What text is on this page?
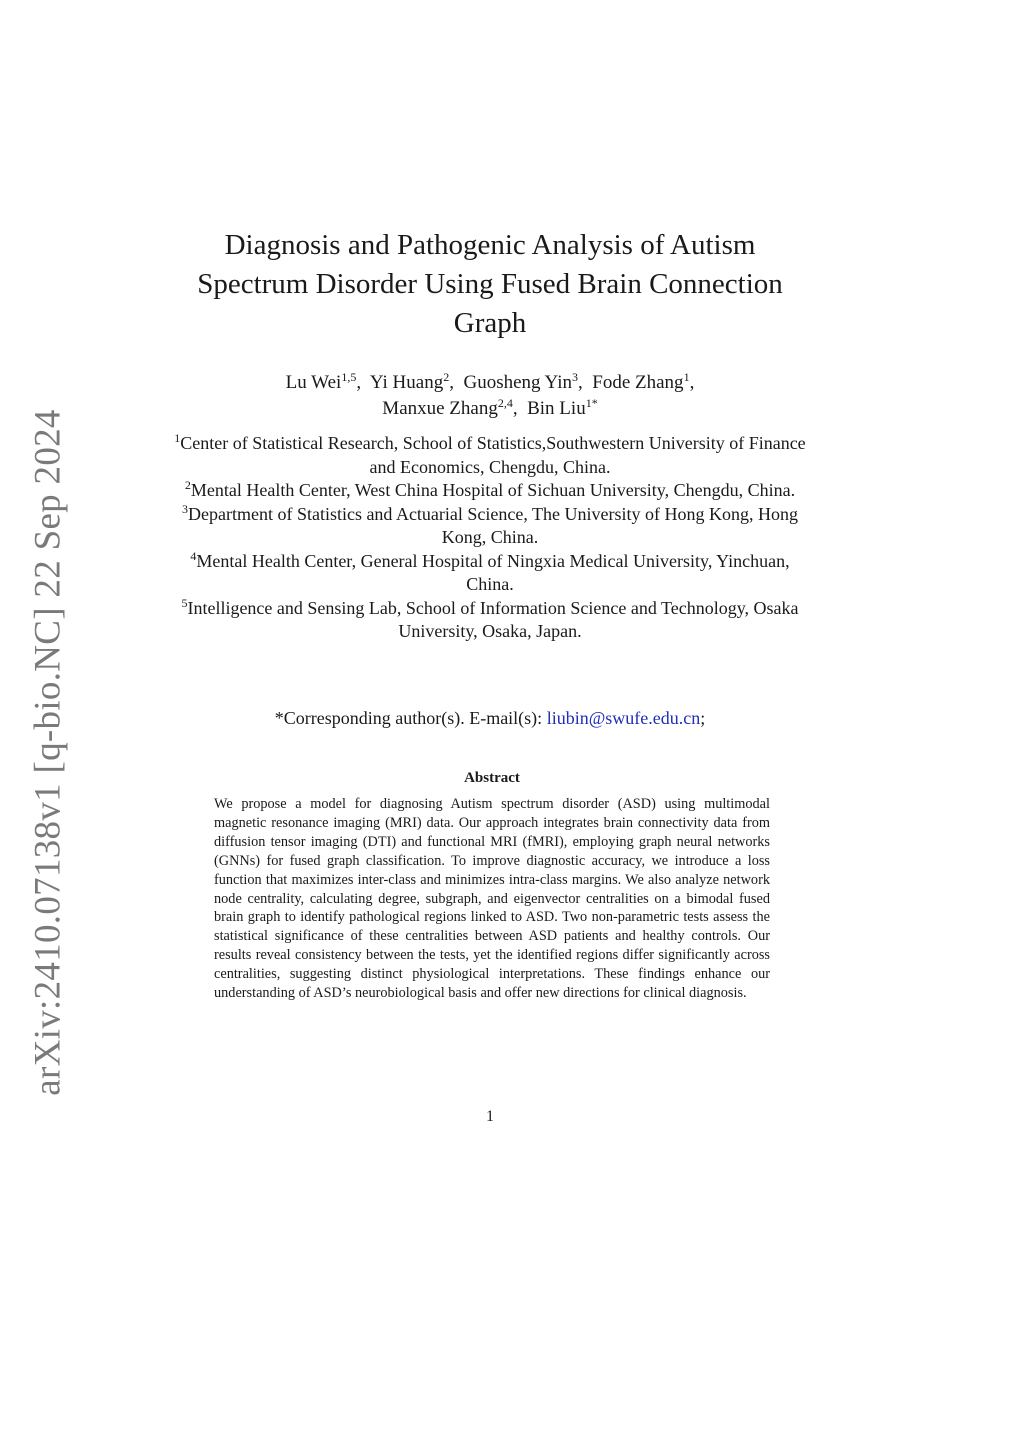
arXiv:2410.07138v1 [q-bio.NC] 22 Sep 2024
Diagnosis and Pathogenic Analysis of Autism Spectrum Disorder Using Fused Brain Connection Graph
Lu Wei$^{1,5}$, Yi Huang$^2$, Guosheng Yin$^3$, Fode Zhang$^1$,
Manxue Zhang$^{2,4}$, Bin Liu$^{1*}$

$^1$Center of Statistical Research, School of Statistics,Southwestern University of Finance and Economics, Chengdu, China.

$^2$Mental Health Center, West China Hospital of Sichuan University, Chengdu, China.

$^3$Department of Statistics and Actuarial Science, The University of Hong Kong, Hong Kong, China.

$^4$Mental Health Center, General Hospital of Ningxia Medical University, Yinchuan, China.

$^5$Intelligence and Sensing Lab, School of Information Science and Technology, Osaka University, Osaka, Japan.

*Corresponding author(s). E-mail(s): liubin@swufe.edu.cn;
Abstract

We propose a model for diagnosing Autism spectrum disorder (ASD) using multimodal magnetic resonance imaging (MRI) data. Our approach integrates brain connectivity data from diffusion tensor imaging (DTI) and functional MRI (fMRI), employing graph neural networks (GNNs) for fused graph classification. To improve diagnostic accuracy, we introduce a loss function that maximizes inter-class and minimizes intra-class margins. We also analyze network node centrality, calculating degree, subgraph, and eigenvector centralities on a bimodal fused brain graph to identify pathological regions linked to ASD. Two non-parametric tests assess the statistical significance of these centralities between ASD patients and healthy controls. Our results reveal consistency between the tests, yet the identified regions differ significantly across centralities, suggesting distinct physiological interpretations. These findings enhance our understanding of ASD’s neurobiological basis and offer new directions for clinical diagnosis.

1
